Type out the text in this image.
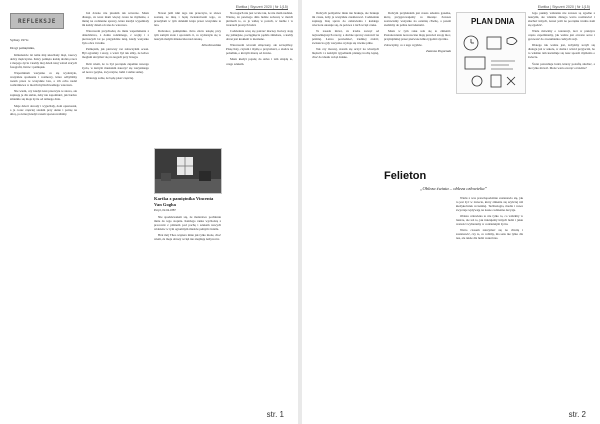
Elwitka | Styczeń 2020 | Nr 1(15)
REFLEKSJE

Sydney 1971r.

Drogi pamiętniku,

Kilkanaście lat temu mój ukochany mąż, rasowy dobry mężczyzna. Który pamięta każdą drobną rzecz z mojego życia i każdy mój dzień tutaj wśród starych fotografii, listów i pamiątek.

Wspominam wszystko co się wydarzyło, wszystkie spotkania i rozmowy, które odbyliśmy razem przez te wszystkie lata, a ich echo nadal rozbrzmiewa w moich myślach każdego wieczoru.

Nie wiem, czy kiedyś ktoś przeczyta te słowa, ale zapisuję je dla siebie, żeby nie zapomnieć, jak bardzo zmieniło się moje życie od tamtego dnia.

Moje dzieci dorosły i wyjechały, dom opustoszał, a ja coraz częściej siadam przy oknie i patrzę na ulicę, po której kiedyś razem spacerowaliśmy.

Już dawno nie pisałam tak szczerze. Może dlatego, że teraz mam więcej czasu na myślenie, a mniej na codzienne sprawy, które kiedyś wypełniały mi każdy dzień od rana do wieczora.

Wieczorem przychodzą do mnie wspomnienia z dzieciństwa, z domu rodzinnego, z wojny i z pierwszych lat po przyjeździe tutaj, kiedy wszystko było obce i trudne.

Pamiętam, jak pierwszy raz zobaczyłam ocean. Był ogromny i szary, a wiatr był tak silny, że ledwo mogłam utrzymać się na nogach przy brzegu.

Dziś wiem, że to był początek zupełnie nowego życia, w którym musiałam nauczyć się wszystkiego od nowa: języka, zwyczajów, ludzi i siebie samej.

Obiecuję sobie, że będę pisać częściej.

Nawet jeśli nikt tego nie przeczyta, te słowa zostaną ze mną i będą świadectwem tego, co przeżyłam w tym dalekim kraju przez wszystkie te lata.

Dobranoc, pamiętniku. Jutro znów usiądę przy tym samym stole i opowiem ci, co wydarzyło się w naszym małym miasteczku nad zatoką.

Julia Kowalska

Kartka z pamiętnika Vincenta Van Gogha

Paryż, 02.04.1887

Nie spodziewałem się, że malarstwo pochłonie mnie do tego stopnia. Każdego ranka wychodzę z pracowni z płótnem pod pachą i szukam nowych widoków w tym ogromnym mieście pełnym światła.

Brat mój Theo wspiera mnie jak tylko może, choć wiem, że moje obrazy wciąż nie znajdują nabywców.

Na nogach nie jest wcale tak, że nie mam nadziei. Wierzę, że pewnego dnia ludzie zobaczą w moich płótnach to, co ja widzę w polach, w niebie i w twarzach prostych ludzi.

Codziennie uczę się patrzeć inaczej. Kolory stają się jaśniejsze, pociągnięcia pędzla śmielsze, a każdy obraz jest krokiem w nieznane.

Wieczorem wracam zmęczony, ale szczęśliwy. Piszę listy, czytam i myślę o przyszłości, o słońcu na południu, o którym marzę od dawna.

Może kiedyś pojadę do Arles i tam znajdę to, czego szukam.

str. 1
Elwitka | Styczeń 2020 | Nr 1(15)

Dobrych pomysłów mnie nie brakuje, ale brakuje mi czasu, żeby je wszystkie zrealizować. Codziennie zapisuję listę spraw do załatwienia i każdego wieczoru okazuje się, że połowa z nich wciąż czeka.

Ta zasada mówi, że trzeba zacząć od najważniejszych rzeczy, a drobne sprawy zostawić na później. Łatwo powiedzieć, trudniej zrobić, zwłaszcza gdy wszystko wydaje się równie pilne.

Tak czy inaczej, staram się uczyć na własnych błędach i z każdym tygodniem planuję trochę lepiej, choć do ideału wciąż daleko.

Dobrym przykładem jest nasza szkolna gazetka, którą przygotowujemy co miesiąc. Zawsze zostawiamy wszystko na ostatnią chwilę, a potem siedzimy do późna nad tekstami.

Może w tym roku uda się to zmienić. Postanowienia noworoczne mają przecież swoją moc, przynajmniej przez pierwsze kilka tygodni stycznia.

Zobaczymy, co z tego wyjdzie.

Zuzanna Pogorzała

PLAN DNIA

Felieton

„Obleza świata – obleza człowieka”

Wielu z was prawdopodobnie zastanawia się, jak to jest żyć w świecie, który zmienia się szybciej niż kiedykolwiek wcześniej. Technologia, media i nowe zwyczaje wpływają na nasze codzienne decyzje.

Obleza człowieka to nie tylko to, co widzimy w lustrze, ale też to, jak traktujemy innych ludzi i jakie wartości wybieramy w codziennym życiu.

Warto czasem zatrzymać się na chwilę i zastanowić, czy to, co robimy, ma sens nie tylko dla nas, ale także dla ludzi wokół nas.

Jego punkty widzenia nie zawsze są zgodne z naszymi, ale właśnie dlatego warto rozmawiać i słuchać innych, nawet jeśli na początku trudno nam się zgodzić.

Wiele mówimy o tolerancji, lecz w praktyce często zapominamy, jak ważne jest otwarte serce i gotowość do zrozumienia cudzych racji.

Dlatego tak ważne jest, żebyśmy uczyli się dialogu już w szkole, w domu i wśród przyjaciół, bo to właśnie tam kształtuje się nasz sposób myślenia o świecie.

Świat potrzebuje ludzi, którzy potrafią słuchać, a nie tylko mówić. Może warto zacząć od siebie?

str. 2
